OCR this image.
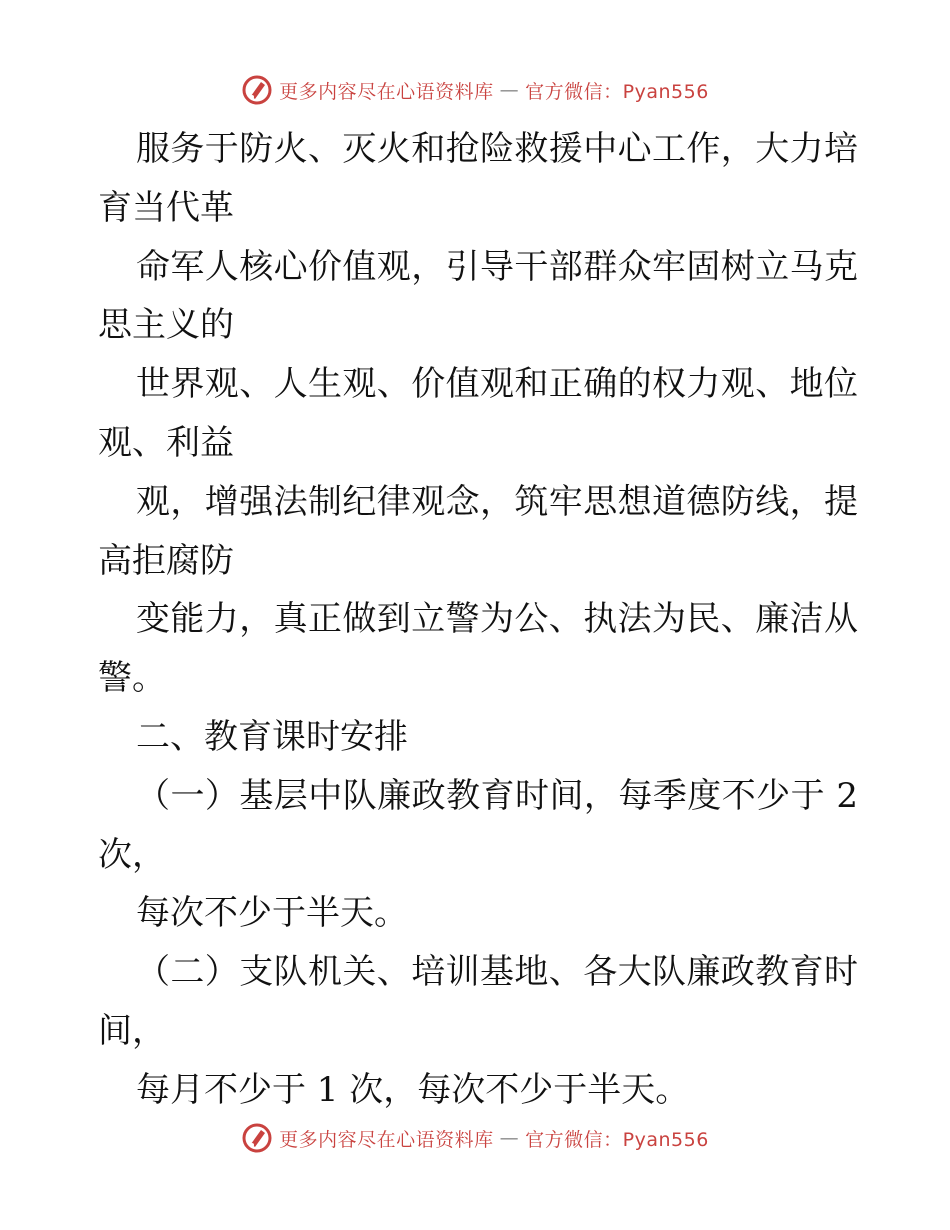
更多内容尽在心语资料库 — 官方微信：Pyan556
服务于防火、灭火和抢险救援中心工作，大力培
育当代革
命军人核心价值观，引导干部群众牢固树立马克
思主义的
世界观、人生观、价值观和正确的权力观、地位
观、利益
观，增强法制纪律观念，筑牢思想道德防线，提
高拒腐防
变能力，真正做到立警为公、执法为民、廉洁从
警。
二、教育课时安排
（一）基层中队廉政教育时间，每季度不少于 2
次，
每次不少于半天。
（二）支队机关、培训基地、各大队廉政教育时
间，
每月不少于 1 次，每次不少于半天。
更多内容尽在心语资料库 — 官方微信：Pyan556
